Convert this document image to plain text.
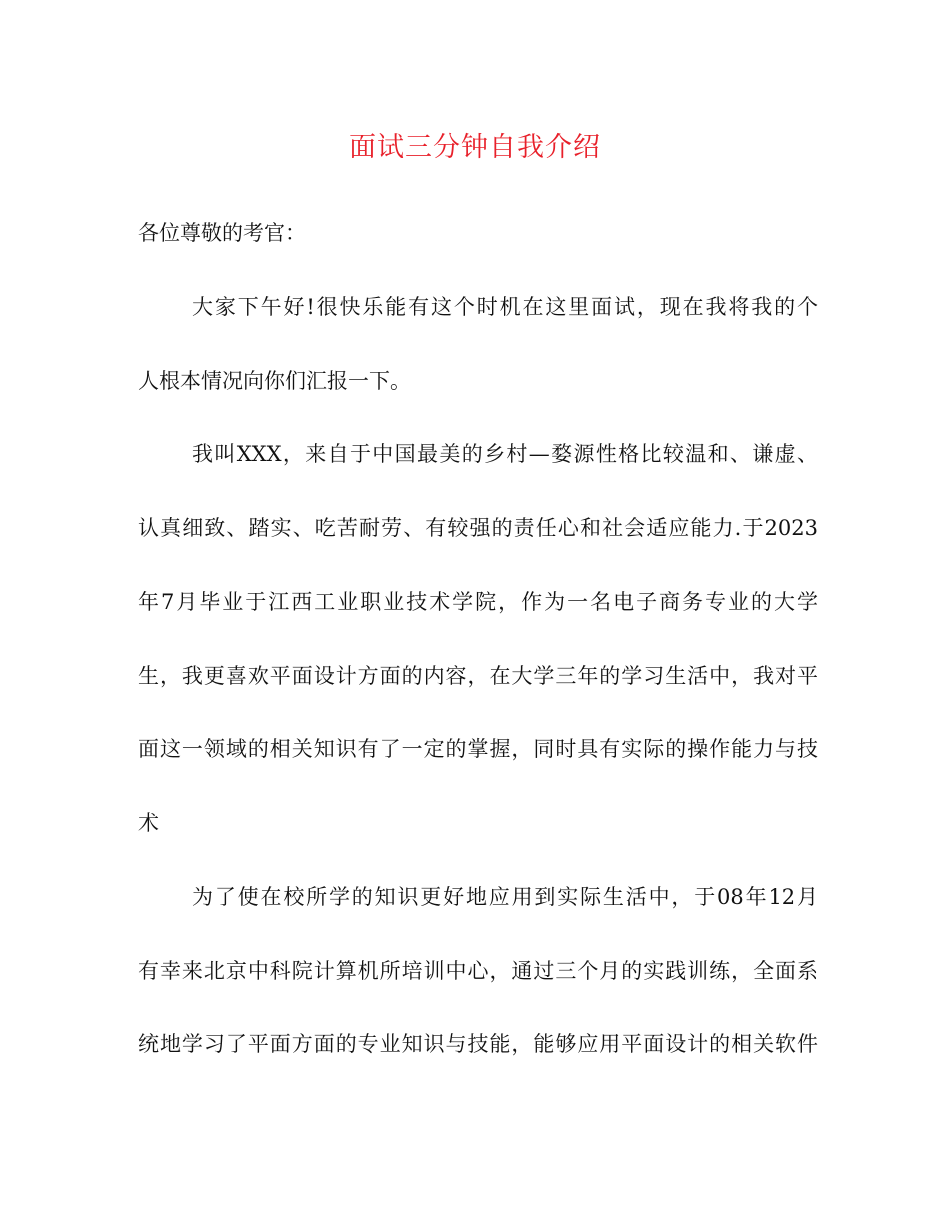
面试三分钟自我介绍
各位尊敬的考官：
大家下午好!很快乐能有这个时机在这里面试，现在我将我的个
人根本情况向你们汇报一下。
我叫XXX，来自于中国最美的乡村—婺源性格比较温和、谦虚、
认真细致、踏实、吃苦耐劳、有较强的责任心和社会适应能力.于2023
年7月毕业于江西工业职业技术学院，作为一名电子商务专业的大学
生，我更喜欢平面设计方面的内容，在大学三年的学习生活中，我对平
面这一领域的相关知识有了一定的掌握，同时具有实际的操作能力与技
术
为了使在校所学的知识更好地应用到实际生活中，于08年12月
有幸来北京中科院计算机所培训中心，通过三个月的实践训练，全面系
统地学习了平面方面的专业知识与技能，能够应用平面设计的相关软件
